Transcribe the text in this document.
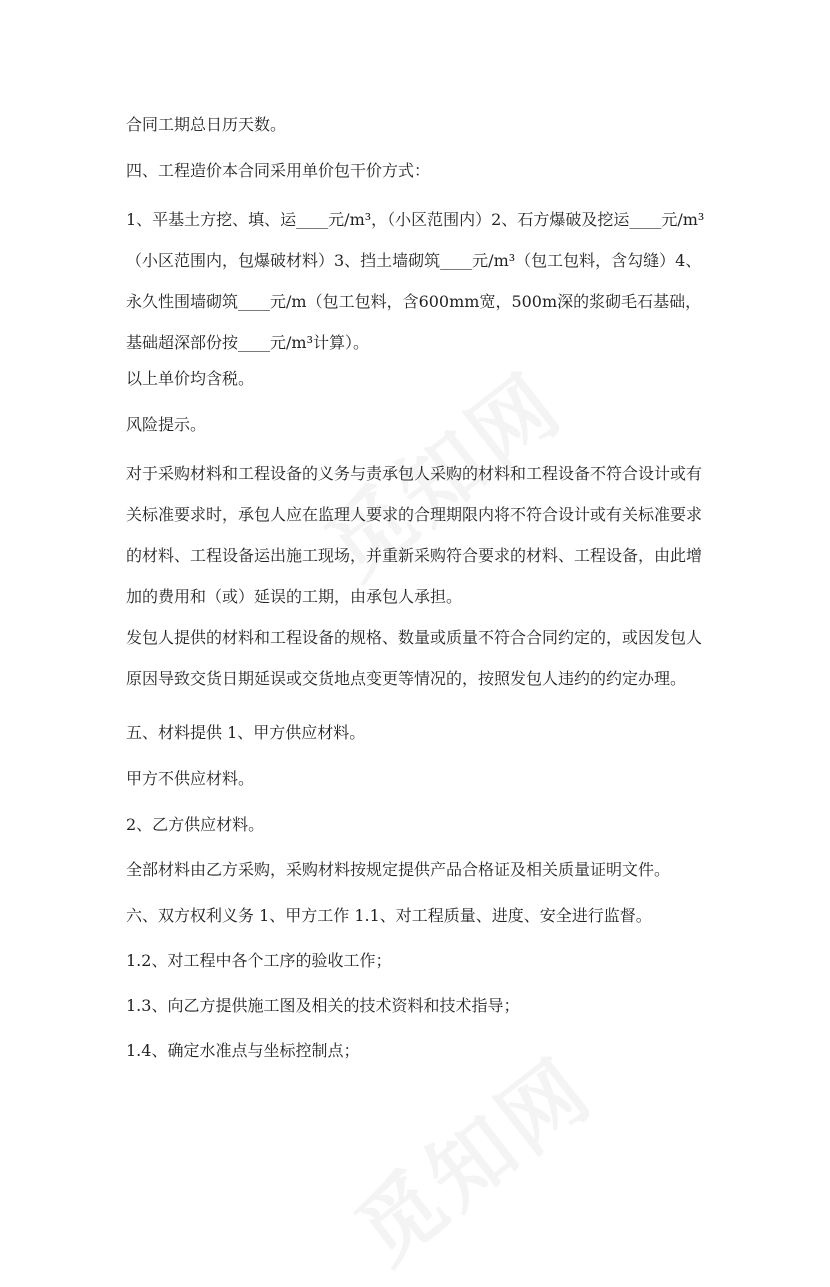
合同工期总日历天数。

四、工程造价本合同采用单价包干价方式：

1、平基土方挖、填、运____元/m³，（小区范围内）2、石方爆破及挖运____元/m³（小区范围内，包爆破材料）3、挡土墙砌筑____元/m³（包工包料，含勾缝）4、永久性围墙砌筑____元/m（包工包料，含600mm宽，500m深的浆砌毛石基础，基础超深部份按____元/m³计算）。

以上单价均含税。

风险提示。

对于采购材料和工程设备的义务与责承包人采购的材料和工程设备不符合设计或有关标准要求时，承包人应在监理人要求的合理期限内将不符合设计或有关标准要求的材料、工程设备运出施工现场，并重新采购符合要求的材料、工程设备，由此增加的费用和（或）延误的工期，由承包人承担。

发包人提供的材料和工程设备的规格、数量或质量不符合合同约定的，或因发包人原因导致交货日期延误或交货地点变更等情况的，按照发包人违约的约定办理。

五、材料提供 1、甲方供应材料。

甲方不供应材料。

2、乙方供应材料。

全部材料由乙方采购，采购材料按规定提供产品合格证及相关质量证明文件。

六、双方权利义务 1、甲方工作 1.1、对工程质量、进度、安全进行监督。

1.2、对工程中各个工序的验收工作；

1.3、向乙方提供施工图及相关的技术资料和技术指导；

1.4、确定水准点与坐标控制点；
